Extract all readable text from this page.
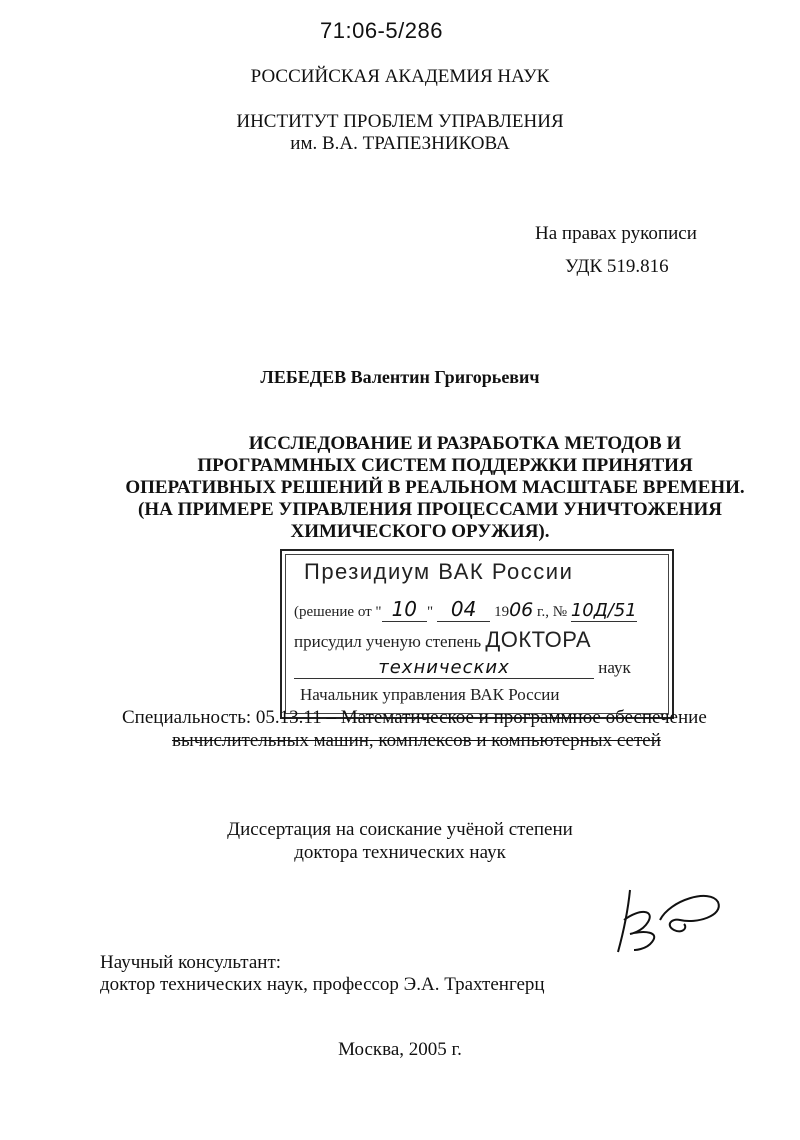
71:06-5/286
РОССИЙСКАЯ АКАДЕМИЯ НАУК
ИНСТИТУТ ПРОБЛЕМ УПРАВЛЕНИЯ
им. В.А. ТРАПЕЗНИКОВА
На правах рукописи
УДК 519.816
ЛЕБЕДЕВ Валентин Григорьевич
ИССЛЕДОВАНИЕ И РАЗРАБОТКА МЕТОДОВ И
ПРОГРАММНЫХ СИСТЕМ ПОДДЕРЖКИ ПРИНЯТИЯ
ОПЕРАТИВНЫХ РЕШЕНИЙ В РЕАЛЬНОМ МАСШТАБЕ ВРЕМЕНИ.
(НА ПРИМЕРЕ УПРАВЛЕНИЯ ПРОЦЕССАМИ УНИЧТОЖЕНИЯ
ХИМИЧЕСКОГО ОРУЖИЯ).
Президиум ВАК России
(решение от " 10 " 04 1906 г., № 10Д/51
присудил ученую степень ДОКТОРА
технических	наук
Начальник управления ВАК России
Специальность: 05.13.11 – Математическое и программное обеспечение
вычислительных машин, комплексов и компьютерных сетей
Диссертация на соискание учёной степени
доктора технических наук
Научный консультант:
доктор технических наук, профессор Э.А. Трахтенгерц
Москва, 2005 г.
